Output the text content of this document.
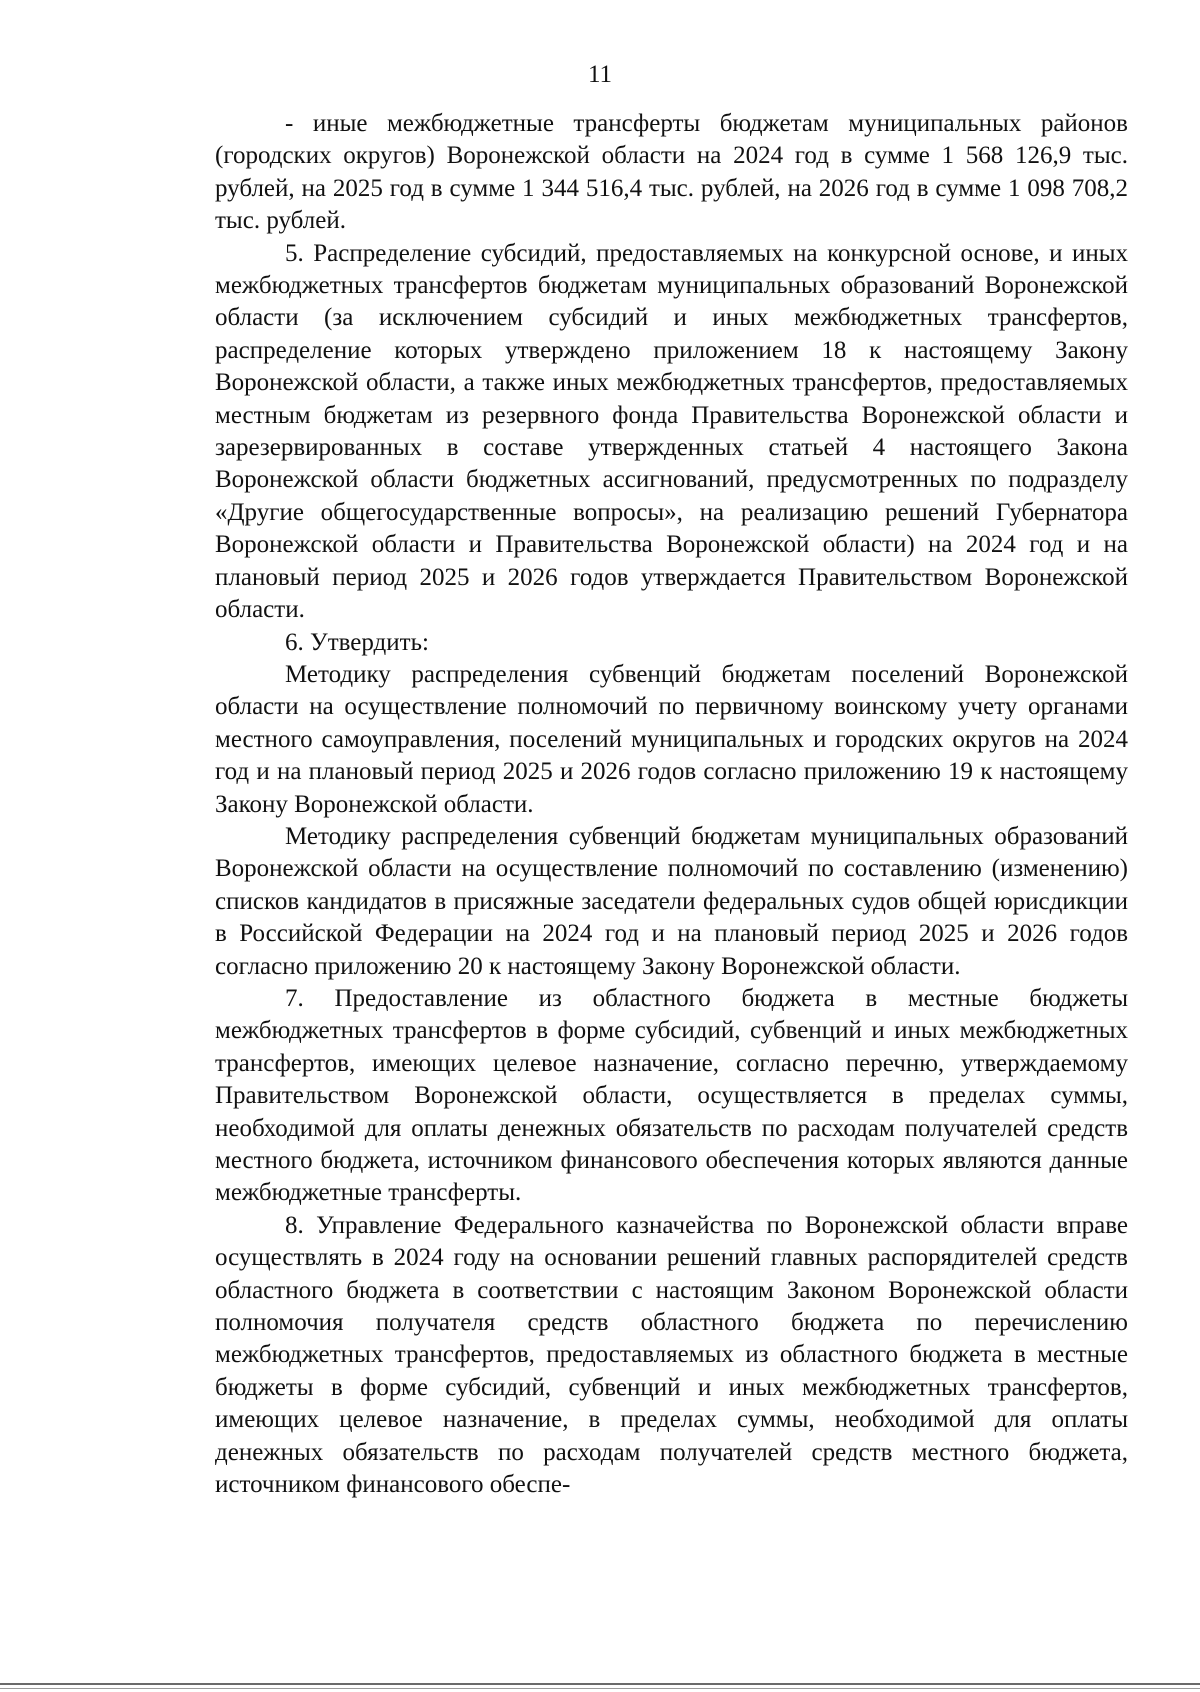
11

- иные межбюджетные трансферты бюджетам муниципальных районов (городских округов) Воронежской области на 2024 год в сумме 1 568 126,9 тыс. рублей, на 2025 год в сумме 1 344 516,4 тыс. рублей, на 2026 год в сумме 1 098 708,2 тыс. рублей.

5. Распределение субсидий, предоставляемых на конкурсной основе, и иных межбюджетных трансфертов бюджетам муниципальных образований Воронежской области (за исключением субсидий и иных межбюджетных трансфертов, распределение которых утверждено приложением 18 к настоящему Закону Воронежской области, а также иных межбюджетных трансфертов, предоставляемых местным бюджетам из резервного фонда Правительства Воронежской области и зарезервированных в составе утвержденных статьей 4 настоящего Закона Воронежской области бюджетных ассигнований, предусмотренных по подразделу «Другие общегосударственные вопросы», на реализацию решений Губернатора Воронежской области и Правительства Воронежской области) на 2024 год и на плановый период 2025 и 2026 годов утверждается Правительством Воронежской области.

6. Утвердить:

Методику распределения субвенций бюджетам поселений Воронежской области на осуществление полномочий по первичному воинскому учету органами местного самоуправления, поселений муниципальных и городских округов на 2024 год и на плановый период 2025 и 2026 годов согласно приложению 19 к настоящему Закону Воронежской области.

Методику распределения субвенций бюджетам муниципальных образований Воронежской области на осуществление полномочий по составлению (изменению) списков кандидатов в присяжные заседатели федеральных судов общей юрисдикции в Российской Федерации на 2024 год и на плановый период 2025 и 2026 годов согласно приложению 20 к настоящему Закону Воронежской области.

7. Предоставление из областного бюджета в местные бюджеты межбюджетных трансфертов в форме субсидий, субвенций и иных межбюджетных трансфертов, имеющих целевое назначение, согласно перечню, утверждаемому Правительством Воронежской области, осуществляется в пределах суммы, необходимой для оплаты денежных обязательств по расходам получателей средств местного бюджета, источником финансового обеспечения которых являются данные межбюджетные трансферты.

8. Управление Федерального казначейства по Воронежской области вправе осуществлять в 2024 году на основании решений главных распорядителей средств областного бюджета в соответствии с настоящим Законом Воронежской области полномочия получателя средств областного бюджета по перечислению межбюджетных трансфертов, предоставляемых из областного бюджета в местные бюджеты в форме субсидий, субвенций и иных межбюджетных трансфертов, имеющих целевое назначение, в пределах суммы, необходимой для оплаты денежных обязательств по расходам получателей средств местного бюджета, источником финансового обеспе-
